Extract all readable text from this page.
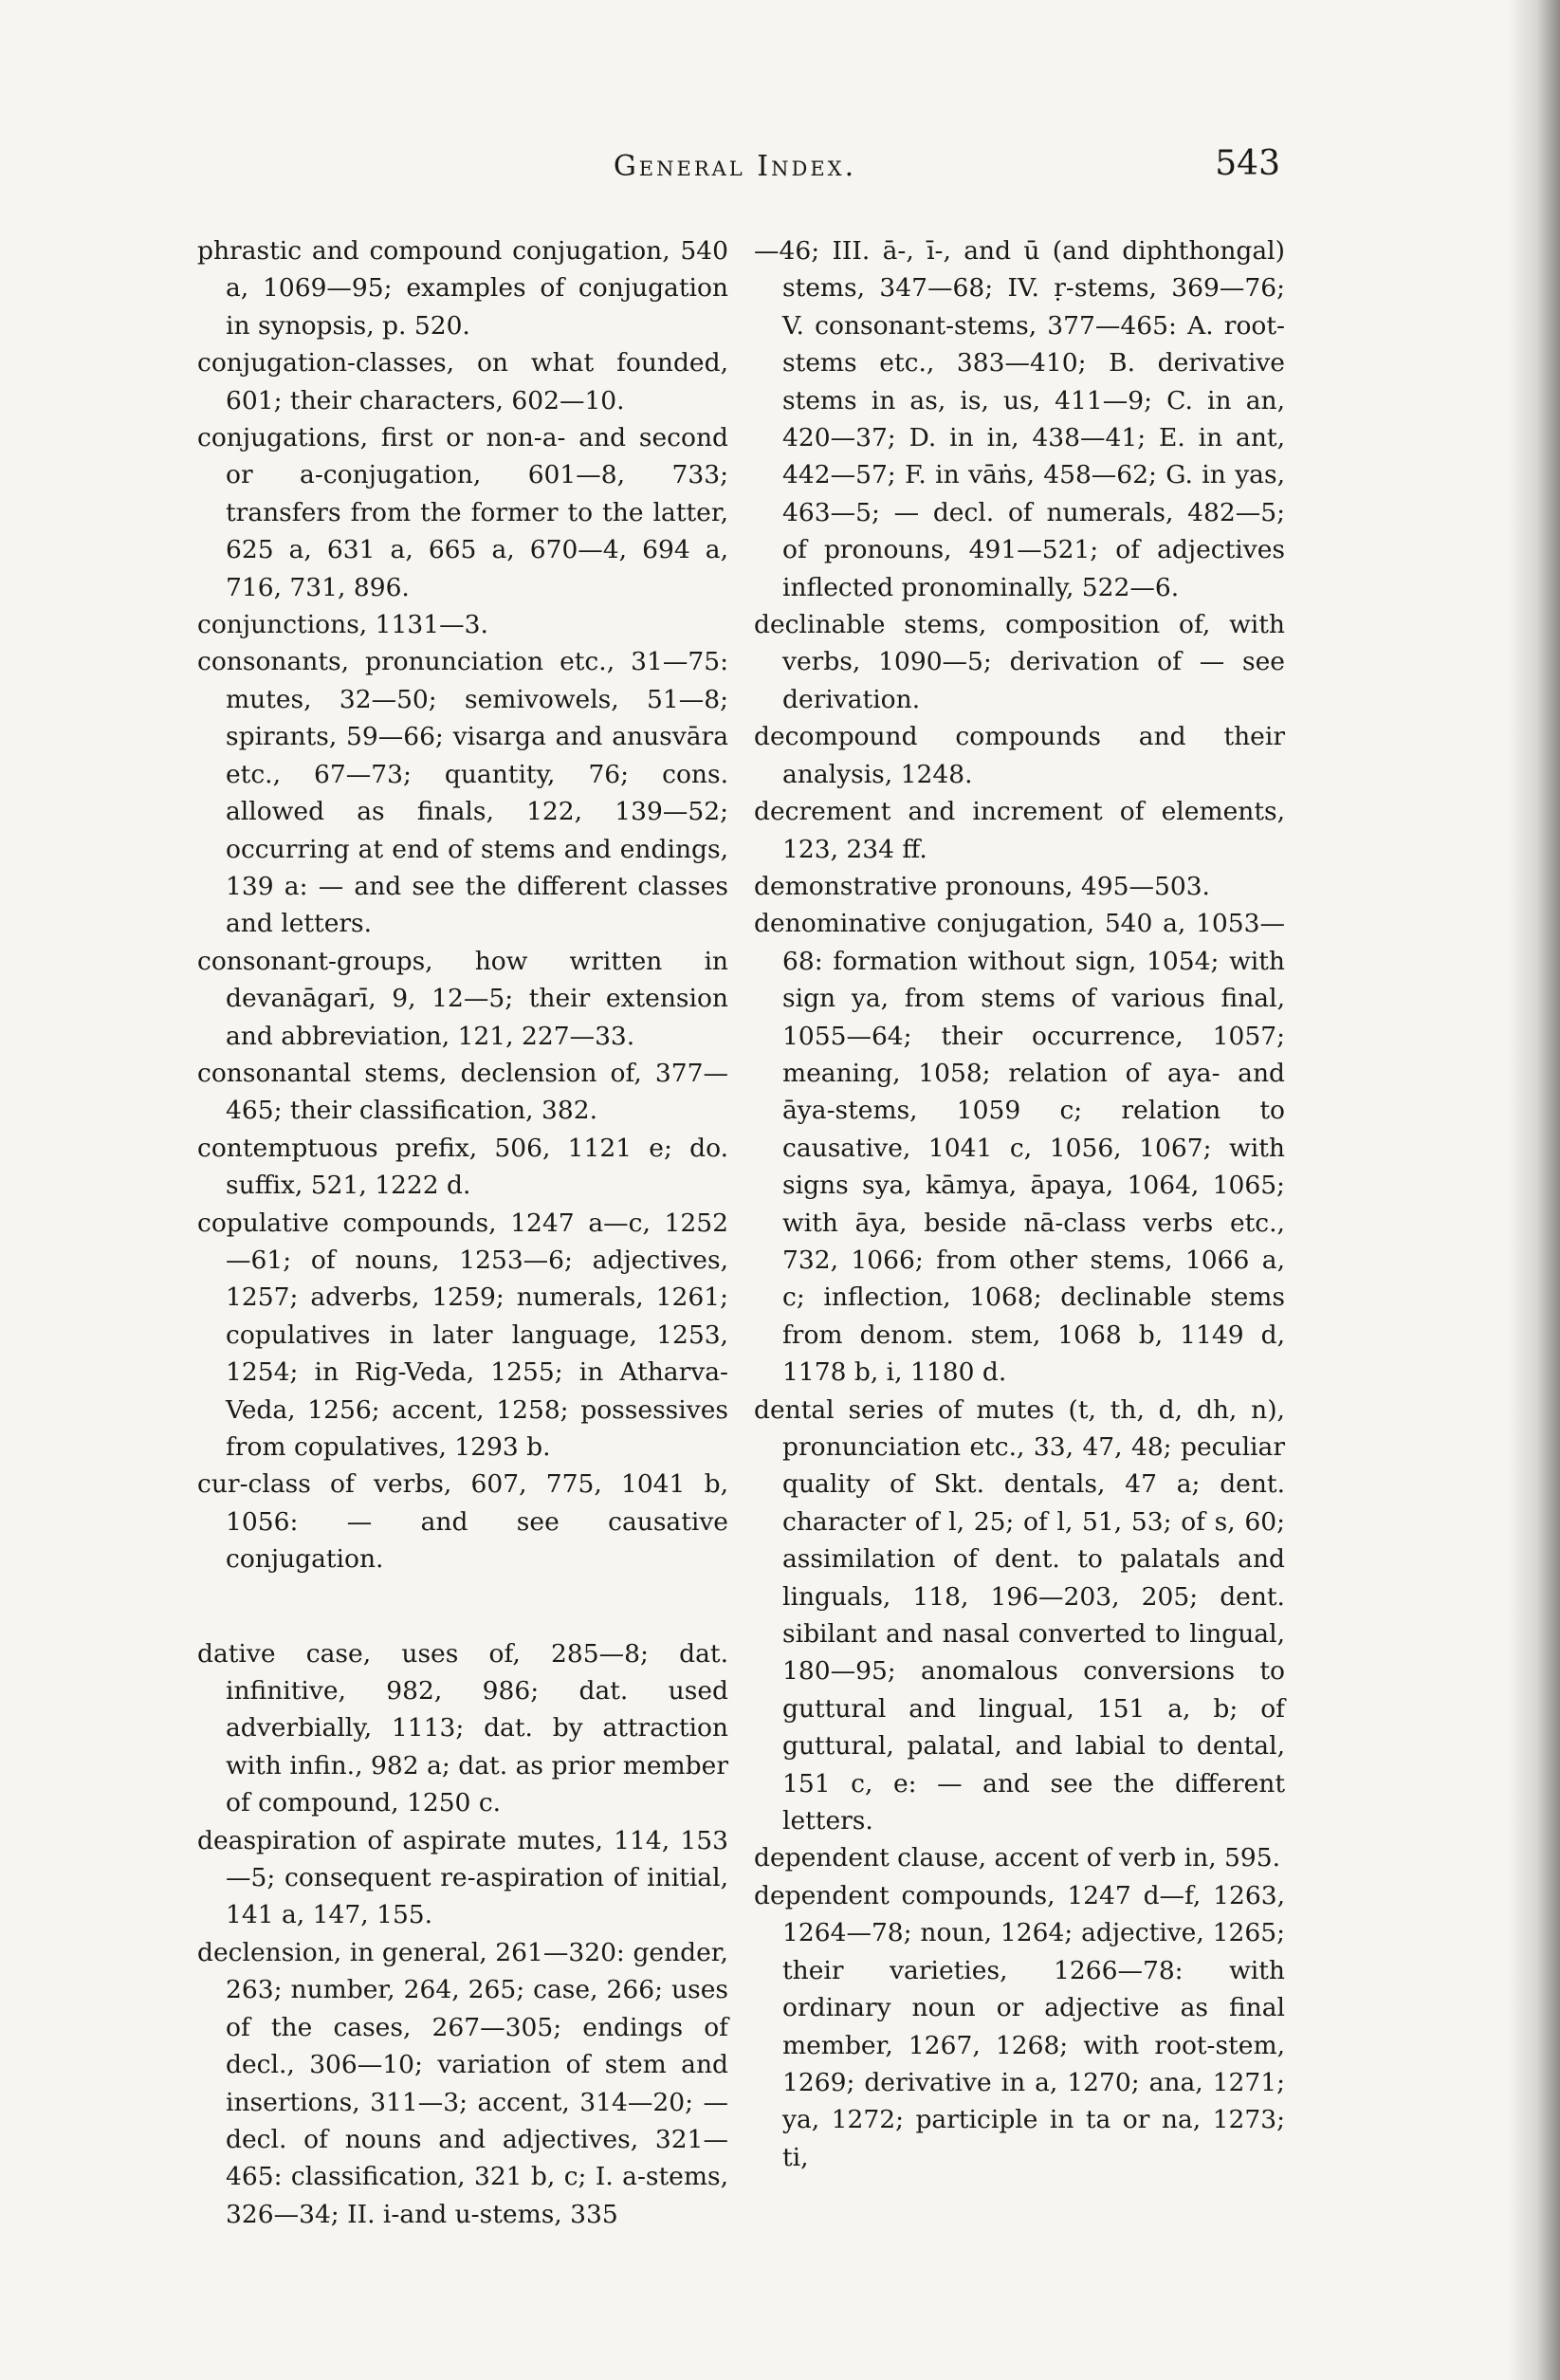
General Index.	543

phrastic and compound conjugation, 540 a, 1069—95; examples of conjugation in synopsis, p. 520.

conjugation-classes, on what founded, 601; their characters, 602—10.

conjugations, first or non-a- and second or a-conjugation, 601—8, 733; transfers from the former to the latter, 625 a, 631 a, 665 a, 670—4, 694 a, 716, 731, 896.

conjunctions, 1131—3.

consonants, pronunciation etc., 31—75: mutes, 32—50; semivowels, 51—8; spirants, 59—66; visarga and anusvāra etc., 67—73; quantity, 76; cons. allowed as finals, 122, 139—52; occurring at end of stems and endings, 139 a: — and see the different classes and letters.

consonant-groups, how written in devanāgarī, 9, 12—5; their extension and abbreviation, 121, 227—33.

consonantal stems, declension of, 377—465; their classification, 382.

contemptuous prefix, 506, 1121 e; do. suffix, 521, 1222 d.

copulative compounds, 1247 a—c, 1252—61; of nouns, 1253—6; adjectives, 1257; adverbs, 1259; numerals, 1261; copulatives in later language, 1253, 1254; in Rig-Veda, 1255; in Atharva-Veda, 1256; accent, 1258; possessives from copulatives, 1293 b.

cur-class of verbs, 607, 775, 1041 b, 1056: — and see causative conjugation.

dative case, uses of, 285—8; dat. infinitive, 982, 986; dat. used adverbially, 1113; dat. by attraction with infin., 982 a; dat. as prior member of compound, 1250 c.

deaspiration of aspirate mutes, 114, 153—5; consequent re-aspiration of initial, 141 a, 147, 155.

declension, in general, 261—320: gender, 263; number, 264, 265; case, 266; uses of the cases, 267—305; endings of decl., 306—10; variation of stem and insertions, 311—3; accent, 314—20; — decl. of nouns and adjectives, 321—465: classification, 321 b, c; I. a-stems, 326—34; II. i-and u-stems, 335

—46; III. ā-, ī-, and ū (and diphthongal) stems, 347—68; IV. ṛ-stems, 369—76; V. consonant-stems, 377—465: A. root-stems etc., 383—410; B. derivative stems in as, is, us, 411—9; C. in an, 420—37; D. in in, 438—41; E. in ant, 442—57; F. in vāṅs, 458—62; G. in yas, 463—5; — decl. of numerals, 482—5; of pronouns, 491—521; of adjectives inflected pronominally, 522—6.

declinable stems, composition of, with verbs, 1090—5; derivation of — see derivation.

decompound compounds and their analysis, 1248.

decrement and increment of elements, 123, 234 ff.

demonstrative pronouns, 495—503.

denominative conjugation, 540 a, 1053—68: formation without sign, 1054; with sign ya, from stems of various final, 1055—64; their occurrence, 1057; meaning, 1058; relation of aya- and āya-stems, 1059 c; relation to causative, 1041 c, 1056, 1067; with signs sya, kāmya, āpaya, 1064, 1065; with āya, beside nā-class verbs etc., 732, 1066; from other stems, 1066 a, c; inflection, 1068; declinable stems from denom. stem, 1068 b, 1149 d, 1178 b, i, 1180 d.

dental series of mutes (t, th, d, dh, n), pronunciation etc., 33, 47, 48; peculiar quality of Skt. dentals, 47 a; dent. character of l, 25; of l, 51, 53; of s, 60; assimilation of dent. to palatals and linguals, 118, 196—203, 205; dent. sibilant and nasal converted to lingual, 180—95; anomalous conversions to guttural and lingual, 151 a, b; of guttural, palatal, and labial to dental, 151 c, e: — and see the different letters.

dependent clause, accent of verb in, 595.

dependent compounds, 1247 d—f, 1263, 1264—78; noun, 1264; adjective, 1265; their varieties, 1266—78: with ordinary noun or adjective as final member, 1267, 1268; with root-stem, 1269; derivative in a, 1270; ana, 1271; ya, 1272; participle in ta or na, 1273; ti,
